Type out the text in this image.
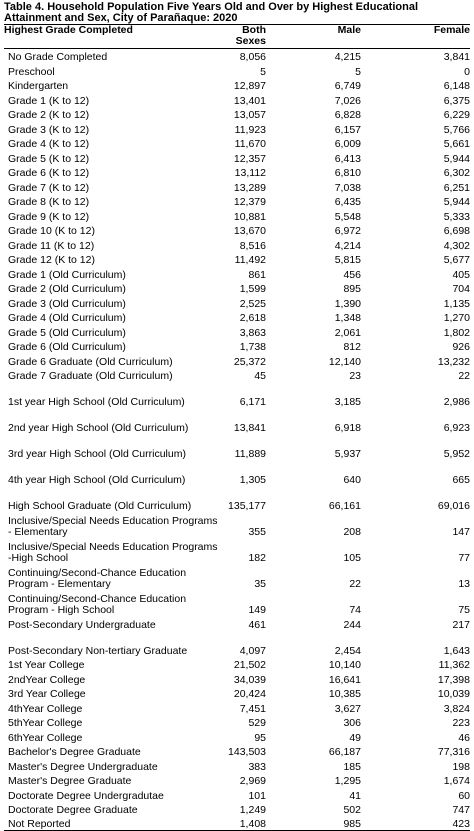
Table 4. Household Population Five Years Old and Over by Highest Educational Attainment and Sex, City of Parañaque: 2020
Highest Grade Completed	Both Sexes	Male	Female
No Grade Completed	8,056	4,215	3,841
Preschool	5	5	0
Kindergarten	12,897	6,749	6,148
Grade 1 (K to 12)	13,401	7,026	6,375
Grade 2 (K to 12)	13,057	6,828	6,229
Grade 3 (K to 12)	11,923	6,157	5,766
Grade 4 (K to 12)	11,670	6,009	5,661
Grade 5 (K to 12)	12,357	6,413	5,944
Grade 6 (K to 12)	13,112	6,810	6,302
Grade 7 (K to 12)	13,289	7,038	6,251
Grade 8 (K to 12)	12,379	6,435	5,944
Grade 9 (K to 12)	10,881	5,548	5,333
Grade 10 (K to 12)	13,670	6,972	6,698
Grade 11 (K to 12)	8,516	4,214	4,302
Grade 12 (K to 12)	11,492	5,815	5,677
Grade 1 (Old Curriculum)	861	456	405
Grade 2 (Old Curriculum)	1,599	895	704
Grade 3 (Old Curriculum)	2,525	1,390	1,135
Grade 4 (Old Curriculum)	2,618	1,348	1,270
Grade 5 (Old Curriculum)	3,863	2,061	1,802
Grade 6 (Old Curriculum)	1,738	812	926
Grade 6 Graduate (Old Curriculum)	25,372	12,140	13,232
Grade 7 Graduate (Old Curriculum)	45	23	22
1st year High School (Old Curriculum)	6,171	3,185	2,986
2nd year High School (Old Curriculum)	13,841	6,918	6,923
3rd year High School (Old Curriculum)	11,889	5,937	5,952
4th year High School (Old Curriculum)	1,305	640	665
High School Graduate (Old Curriculum)	135,177	66,161	69,016
Inclusive/Special Needs Education Programs - Elementary	355	208	147
Inclusive/Special Needs Education Programs -High School	182	105	77
Continuing/Second-Chance Education Program - Elementary	35	22	13
Continuing/Second-Chance Education Program - High School	149	74	75
Post-Secondary Undergraduate	461	244	217
Post-Secondary Non-tertiary Graduate	4,097	2,454	1,643
1st Year College	21,502	10,140	11,362
2ndYear College	34,039	16,641	17,398
3rd Year College	20,424	10,385	10,039
4thYear College	7,451	3,627	3,824
5thYear College	529	306	223
6thYear College	95	49	46
Bachelor's Degree Graduate	143,503	66,187	77,316
Master's Degree Undergraduate	383	185	198
Master's Degree Graduate	2,969	1,295	1,674
Doctorate Degree Undergradutae	101	41	60
Doctorate Degree Graduate	1,249	502	747
Not Reported	1,408	985	423
